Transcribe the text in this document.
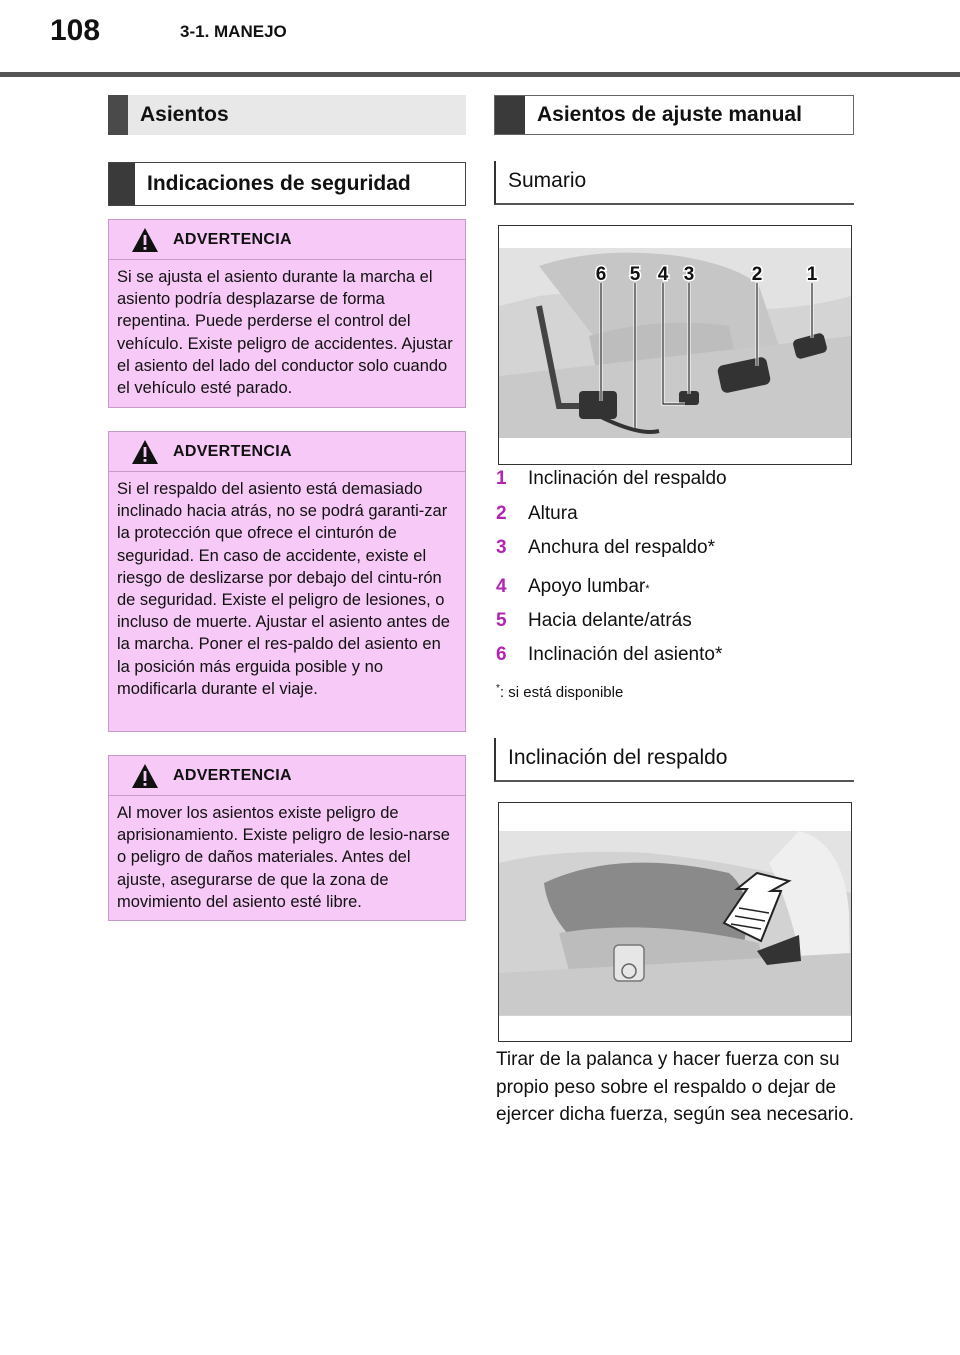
108	3-1. MANEJO
Asientos
Indicaciones de seguridad
ADVERTENCIA
Si se ajusta el asiento durante la marcha el asiento podría desplazarse de forma repentina. Puede perderse el control del vehículo. Existe peligro de accidentes. Ajustar el asiento del lado del conductor solo cuando el vehículo esté parado.
ADVERTENCIA
Si el respaldo del asiento está demasiado inclinado hacia atrás, no se podrá garanti-zar la protección que ofrece el cinturón de seguridad. En caso de accidente, existe el riesgo de deslizarse por debajo del cintu-rón de seguridad. Existe el peligro de lesiones, o incluso de muerte. Ajustar el asiento antes de la marcha. Poner el res-paldo del asiento en la posición más erguida posible y no modificarla durante el viaje.
ADVERTENCIA
Al mover los asientos existe peligro de aprisionamiento. Existe peligro de lesio-narse o peligro de daños materiales. Antes del ajuste, asegurarse de que la zona de movimiento del asiento esté libre.
Asientos de ajuste manual
Sumario
6 5 4 3	2 1
1	Inclinación del respaldo
2	Altura
3	Anchura del respaldo*
4	Apoyo lumbar *
5	Hacia delante/atrás
6	Inclinación del asiento*
*: si está disponible
Inclinación del respaldo
Tirar de la palanca y hacer fuerza con su propio peso sobre el respaldo o dejar de ejercer dicha fuerza, según sea necesario.
